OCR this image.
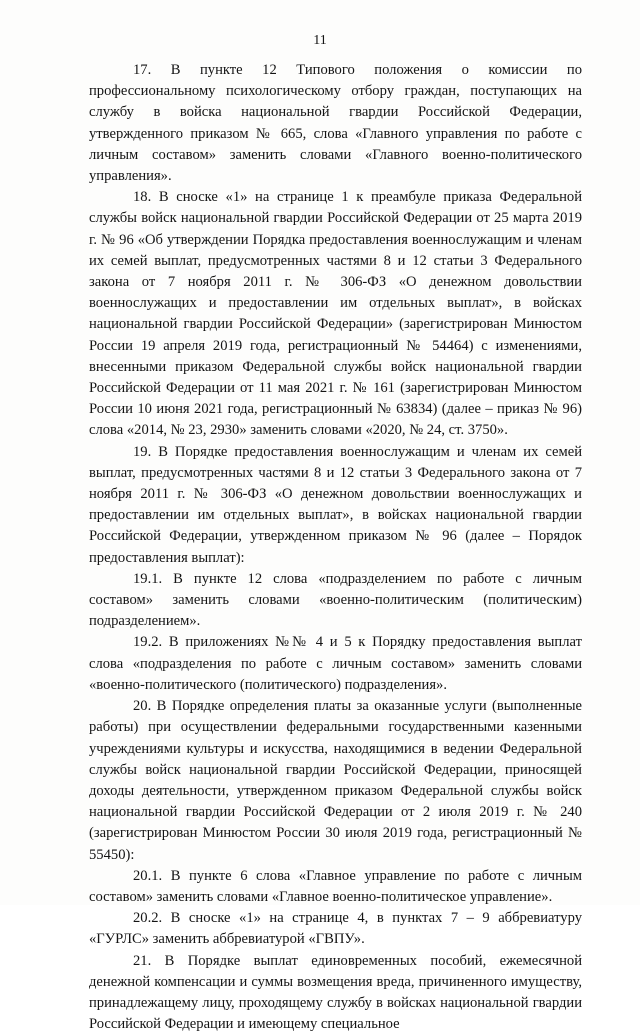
11

17. В пункте 12 Типового положения о комиссии по профессиональному психологическому отбору граждан, поступающих на службу в войска национальной гвардии Российской Федерации, утвержденного приказом № 665, слова «Главного управления по работе с личным составом» заменить словами «Главного военно-политического управления».

18. В сноске «1» на странице 1 к преамбуле приказа Федеральной службы войск национальной гвардии Российской Федерации от 25 марта 2019 г. № 96 «Об утверждении Порядка предоставления военнослужащим и членам их семей выплат, предусмотренных частями 8 и 12 статьи 3 Федерального закона от 7 ноября 2011 г. № 306-ФЗ «О денежном довольствии военнослужащих и предоставлении им отдельных выплат», в войсках национальной гвардии Российской Федерации» (зарегистрирован Минюстом России 19 апреля 2019 года, регистрационный № 54464) с изменениями, внесенными приказом Федеральной службы войск национальной гвардии Российской Федерации от 11 мая 2021 г. № 161 (зарегистрирован Минюстом России 10 июня 2021 года, регистрационный № 63834) (далее – приказ № 96) слова «2014, № 23, 2930» заменить словами «2020, № 24, ст. 3750».

19. В Порядке предоставления военнослужащим и членам их семей выплат, предусмотренных частями 8 и 12 статьи 3 Федерального закона от 7 ноября 2011 г. № 306-ФЗ «О денежном довольствии военнослужащих и предоставлении им отдельных выплат», в войсках национальной гвардии Российской Федерации, утвержденном приказом № 96 (далее – Порядок предоставления выплат):

19.1. В пункте 12 слова «подразделением по работе с личным составом» заменить словами «военно-политическим (политическим) подразделением».

19.2. В приложениях №№ 4 и 5 к Порядку предоставления выплат слова «подразделения по работе с личным составом» заменить словами «военно-политического (политического) подразделения».

20. В Порядке определения платы за оказанные услуги (выполненные работы) при осуществлении федеральными государственными казенными учреждениями культуры и искусства, находящимися в ведении Федеральной службы войск национальной гвардии Российской Федерации, приносящей доходы деятельности, утвержденном приказом Федеральной службы войск национальной гвардии Российской Федерации от 2 июля 2019 г. № 240 (зарегистрирован Минюстом России 30 июля 2019 года, регистрационный № 55450):

20.1. В пункте 6 слова «Главное управление по работе с личным составом» заменить словами «Главное военно-политическое управление».

20.2. В сноске «1» на странице 4, в пунктах 7 – 9 аббревиатуру «ГУРЛС» заменить аббревиатурой «ГВПУ».

21. В Порядке выплат единовременных пособий, ежемесячной денежной компенсации и суммы возмещения вреда, причиненного имуществу, принадлежащему лицу, проходящему службу в войсках национальной гвардии Российской Федерации и имеющему специальное
